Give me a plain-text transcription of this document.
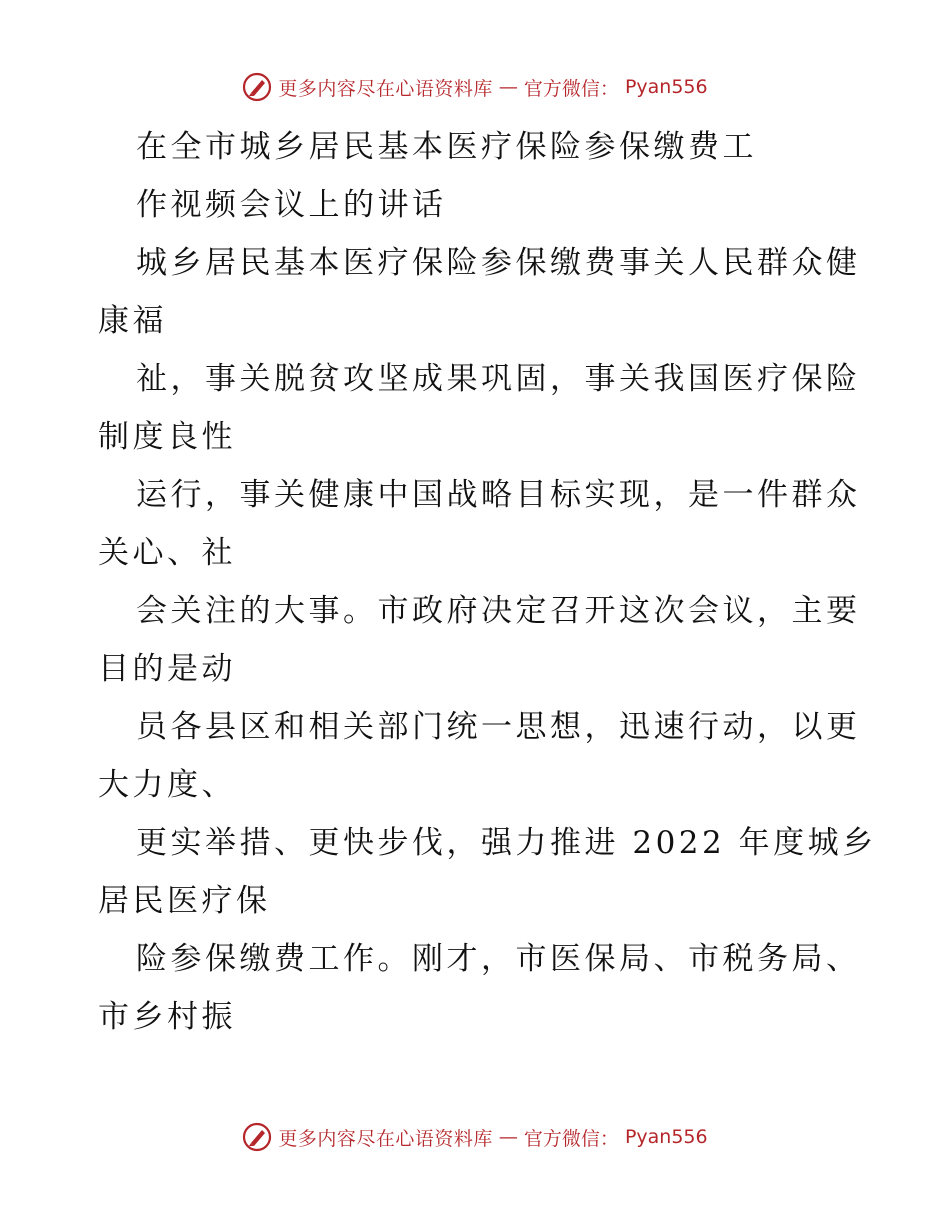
更多内容尽在心语资料库 — 官方微信： Pyan556
在全市城乡居民基本医疗保险参保缴费工
作视频会议上的讲话
城乡居民基本医疗保险参保缴费事关人民群众健
康福
祉，事关脱贫攻坚成果巩固，事关我国医疗保险
制度良性
运行，事关健康中国战略目标实现，是一件群众
关心、社
会关注的大事。市政府决定召开这次会议，主要
目的是动
员各县区和相关部门统一思想，迅速行动，以更
大力度、
更实举措、更快步伐，强力推进 2022 年度城乡
居民医疗保
险参保缴费工作。刚才，市医保局、市税务局、
市乡村振
更多内容尽在心语资料库 — 官方微信： Pyan556
